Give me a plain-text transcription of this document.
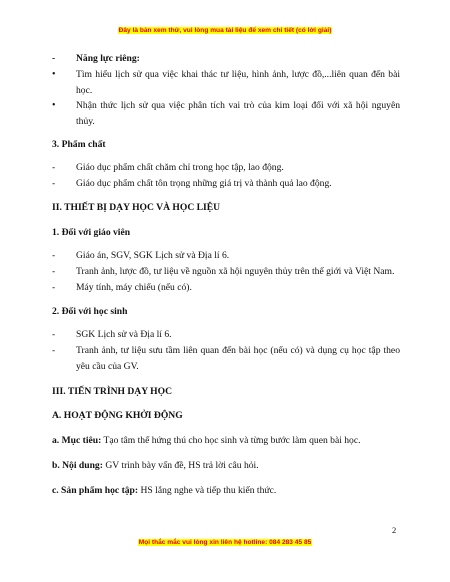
Đây là bản xem thử, vui lòng mua tài liệu để xem chi tiết (có lời giải)
-	Năng lực riêng:
• Tìm hiểu lịch sử qua việc khai thác tư liệu, hình ảnh, lược đồ,...liên quan đến bài học.
• Nhận thức lịch sử qua việc phân tích vai trò của kim loại đối với xã hội nguyên thủy.
3. Phẩm chất
-	Giáo dục phẩm chất chăm chỉ trong học tập, lao động.
-	Giáo dục phẩm chất tôn trọng những giá trị và thành quả lao động.
II. THIẾT BỊ DẠY HỌC VÀ HỌC LIỆU
1. Đối với giáo viên
-	Giáo án, SGV, SGK Lịch sử và Địa lí 6.
-	Tranh ảnh, lược đồ, tư liệu về nguồn xã hội nguyên thủy trên thế giới và Việt Nam.
-	Máy tính, máy chiếu (nếu có).
2. Đối với học sinh
-	SGK Lịch sử và Địa lí 6.
-	Tranh ảnh, tư liệu sưu tầm liên quan đến bài học (nếu có) và dụng cụ học tập theo yêu cầu của GV.
III. TIẾN TRÌNH DẠY HỌC
A. HOẠT ĐỘNG KHỞI ĐỘNG
a. Mục tiêu: Tạo tâm thế hứng thú cho học sinh và từng bước làm quen bài học.
b. Nội dung: GV trình bày vấn đề, HS trả lời câu hỏi.
c. Sản phẩm học tập: HS lắng nghe và tiếp thu kiến thức.
2
Mọi thắc mắc vui lòng xin liên hệ hotline: 084 283 45 85
